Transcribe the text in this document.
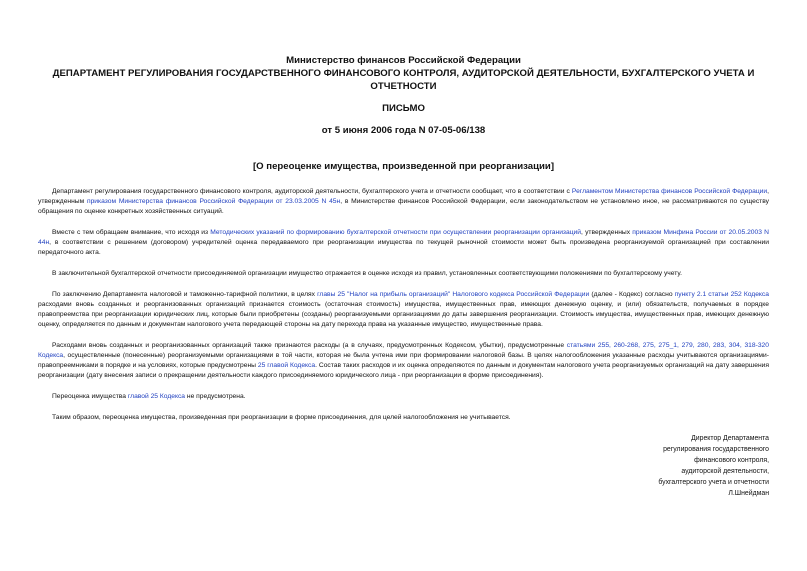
Министерство финансов Российской Федерации
ДЕПАРТАМЕНТ РЕГУЛИРОВАНИЯ ГОСУДАРСТВЕННОГО ФИНАНСОВОГО КОНТРОЛЯ, АУДИТОРСКОЙ ДЕЯТЕЛЬНОСТИ, БУХГАЛТЕРСКОГО УЧЕТА И ОТЧЕТНОСТИ
ПИСЬМО
от 5 июня 2006 года N 07-05-06/138
[О переоценке имущества, произведенной при реорганизации]

Департамент регулирования государственного финансового контроля, аудиторской деятельности, бухгалтерского учета и отчетности сообщает, что в соответствии с Регламентом Министерства финансов Российской Федерации, утвержденным приказом Министерства финансов Российской Федерации от 23.03.2005 N 45н, в Министерстве финансов Российской Федерации, если законодательством не установлено иное, не рассматриваются по существу обращения по оценке конкретных хозяйственных ситуаций.

Вместе с тем обращаем внимание, что исходя из Методических указаний по формированию бухгалтерской отчетности при осуществлении реорганизации организаций, утвержденных приказом Минфина России от 20.05.2003 N 44н, в соответствии с решением (договором) учредителей оценка передаваемого при реорганизации имущества по текущей рыночной стоимости может быть произведена реорганизуемой организацией при составлении передаточного акта.

В заключительной бухгалтерской отчетности присоединяемой организации имущество отражается в оценке исходя из правил, установленных соответствующими положениями по бухгалтерскому учету.

По заключению Департамента налоговой и таможенно-тарифной политики, в целях главы 25 "Налог на прибыль организаций" Налогового кодекса Российской Федерации (далее - Кодекс) согласно пункту 2.1 статьи 252 Кодекса расходами вновь созданных и реорганизованных организаций признается стоимость (остаточная стоимость) имущества, имущественных прав, имеющих денежную оценку, и (или) обязательств, получаемых в порядке правопреемства при реорганизации юридических лиц, которые были приобретены (созданы) реорганизуемыми организациями до даты завершения реорганизации. Стоимость имущества, имущественных прав, имеющих денежную оценку, определяется по данным и документам налогового учета передающей стороны на дату перехода права на указанные имущество, имущественные права.

Расходами вновь созданных и реорганизованных организаций также признаются расходы (а в случаях, предусмотренных Кодексом, убытки), предусмотренные статьями 255, 260-268, 275, 275_1, 279, 280, 283, 304, 318-320 Кодекса, осуществленные (понесенные) реорганизуемыми организациями в той части, которая не была учтена ими при формировании налоговой базы. В целях налогообложения указанные расходы учитываются организациями-правопреемниками в порядке и на условиях, которые предусмотрены 25 главой Кодекса. Состав таких расходов и их оценка определяются по данным и документам налогового учета реорганизуемых организаций на дату завершения реорганизации (дату внесения записи о прекращении деятельности каждого присоединяемого юридического лица - при реорганизации в форме присоединения).

Переоценка имущества главой 25 Кодекса не предусмотрена.

Таким образом, переоценка имущества, произведенная при реорганизации в форме присоединения, для целей налогообложения не учитывается.

Директор Департамента
регулирования государственного
финансового контроля,
аудиторской деятельности,
бухгалтерского учета и отчетности
Л.Шнейдман
